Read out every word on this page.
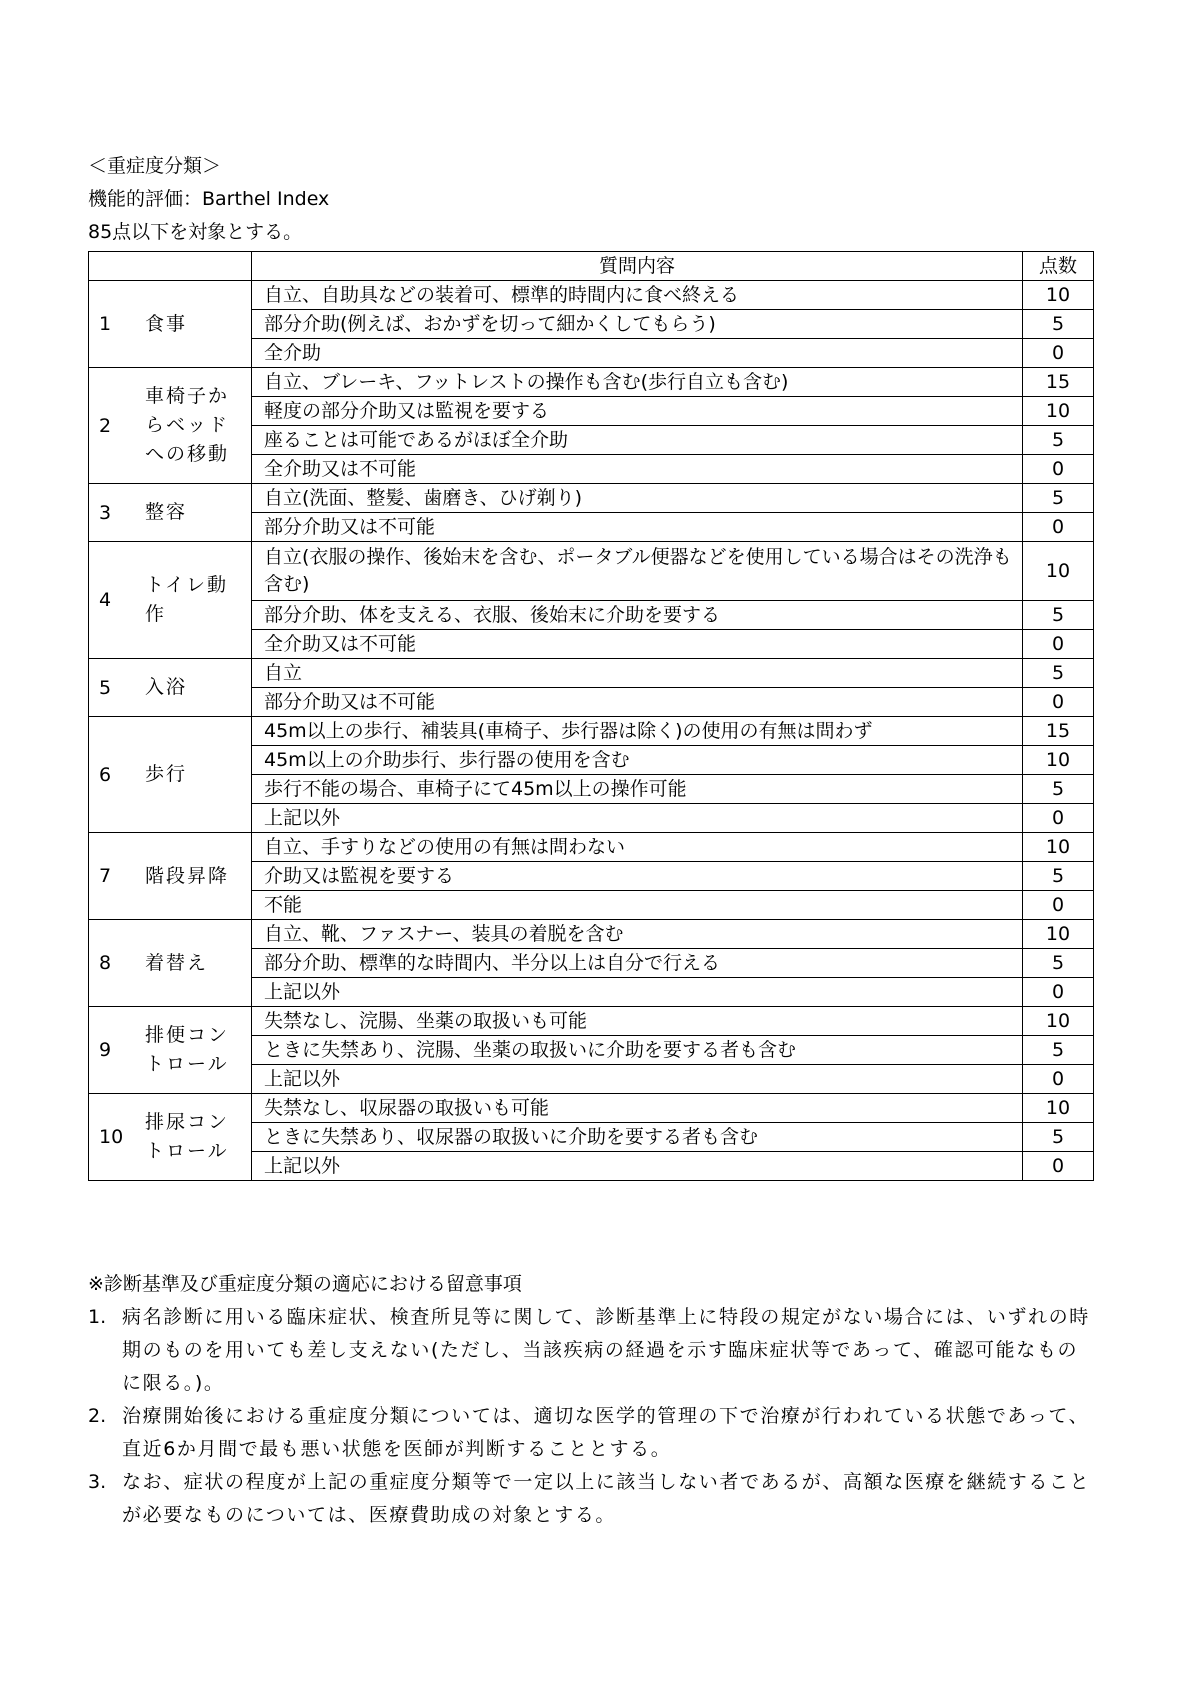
＜重症度分類＞
機能的評価：Barthel Index
85点以下を対象とする。
	質問内容	点数

1 食事	自立、自助具などの装着可、標準的時間内に食べ終える	10
	部分介助(例えば、おかずを切って細かくしてもらう)	5
	全介助	0

2
車椅子からベッドへの移動	自立、ブレーキ、フットレストの操作も含む(歩行自立も含む)	15
	軽度の部分介助又は監視を要する	10
	座ることは可能であるがほぼ全介助	5
	全介助又は不可能	0

3 整容	自立(洗面、整髪、歯磨き、ひげ剃り)	5
	部分介助又は不可能	0

4
トイレ動作	自立(衣服の操作、後始末を含む、ポータブル便器などを使用している場合はその洗浄も含む)	10
	部分介助、体を支える、衣服、後始末に介助を要する	5
	全介助又は不可能	0

5 入浴	自立	5
	部分介助又は不可能	0

6 歩行	45m以上の歩行、補装具(車椅子、歩行器は除く)の使用の有無は問わず	15
	45m以上の介助歩行、歩行器の使用を含む	10
	歩行不能の場合、車椅子にて45m以上の操作可能	5
	上記以外	0

7 階段昇降	自立、手すりなどの使用の有無は問わない	10
	介助又は監視を要する	5
	不能	0

8 着替え	自立、靴、ファスナー、装具の着脱を含む	10
	部分介助、標準的な時間内、半分以上は自分で行える	5
	上記以外	0

9
排便コントロール	失禁なし、浣腸、坐薬の取扱いも可能	10
	ときに失禁あり、浣腸、坐薬の取扱いに介助を要する者も含む	5
	上記以外	0

10
排尿コントロール	失禁なし、収尿器の取扱いも可能	10
	ときに失禁あり、収尿器の取扱いに介助を要する者も含む	5
	上記以外	0
※診断基準及び重症度分類の適応における留意事項
1. 病名診断に用いる臨床症状、検査所見等に関して、診断基準上に特段の規定がない場合には、いずれの時期のものを用いても差し支えない(ただし、当該疾病の経過を示す臨床症状等であって、確認可能なものに限る。)。
2. 治療開始後における重症度分類については、適切な医学的管理の下で治療が行われている状態であって、直近6か月間で最も悪い状態を医師が判断することとする。
3. なお、症状の程度が上記の重症度分類等で一定以上に該当しない者であるが、高額な医療を継続することが必要なものについては、医療費助成の対象とする。
